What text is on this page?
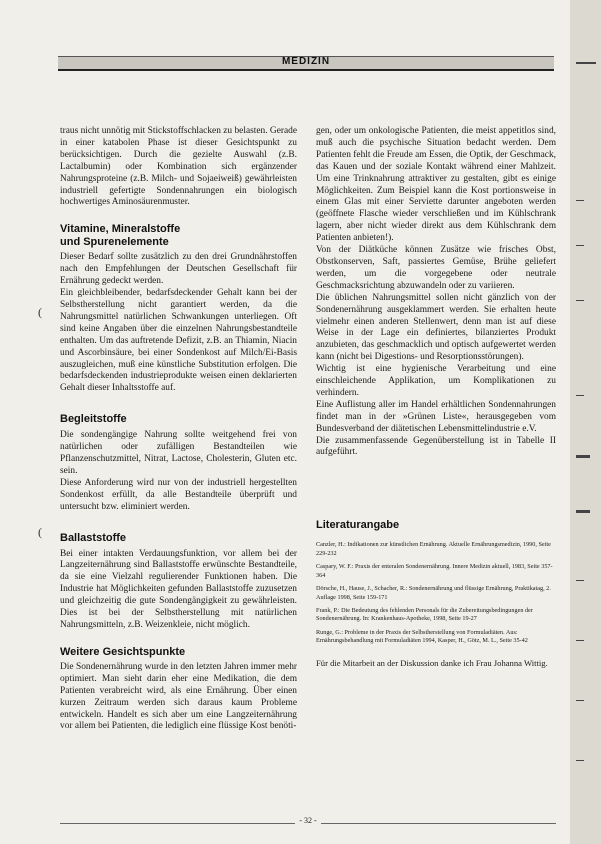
MEDIZIN

traus nicht unnötig mit Stickstoffschlacken zu belasten. Gerade in einer katabolen Phase ist dieser Gesichtspunkt zu berücksichtigen. Durch die gezielte Auswahl (z.B. Lactalbumin) oder Kombination sich ergänzender Nahrungsproteine (z.B. Milch- und Sojaeiweiß) gewährleisten industriell gefertigte Sondennahrungen ein biologisch hochwertiges Aminosäurenmuster.

Vitamine, Mineralstoffe
und Spurenelemente

Dieser Bedarf sollte zusätzlich zu den drei Grundnährstoffen nach den Empfehlungen der Deutschen Gesellschaft für Ernährung gedeckt werden.

Ein gleichbleibender, bedarfsdeckender Gehalt kann bei der Selbstherstellung nicht garantiert werden, da die Nahrungsmittel natürlichen Schwankungen unterliegen. Oft sind keine Angaben über die einzelnen Nahrungsbestandteile enthalten. Um das auftretende Defizit, z.B. an Thiamin, Niacin und Ascorbinsäure, bei einer Sondenkost auf Milch/Ei-Basis auszugleichen, muß eine künstliche Substitution erfolgen. Die bedarfsdeckenden industrieprodukte weisen einen deklarierten Gehalt dieser Inhaltsstoffe auf.

Begleitstoffe

Die sondengängige Nahrung sollte weitgehend frei von natürlichen oder zufälligen Bestandteilen wie Pflanzenschutzmittel, Nitrat, Lactose, Cholesterin, Gluten etc. sein.

Diese Anforderung wird nur von der industriell hergestellten Sondenkost erfüllt, da alle Bestandteile überprüft und untersucht bzw. eliminiert werden.

Ballaststoffe

Bei einer intakten Verdauungsfunktion, vor allem bei der Langzeiternährung sind Ballaststoffe erwünschte Bestandteile, da sie eine Vielzahl regulierender Funktionen haben. Die Industrie hat Möglichkeiten gefunden Ballaststoffe zuzusetzen und gleichzeitig die gute Sondengängigkeit zu gewährleisten. Dies ist bei der Selbstherstellung mit natürlichen Nahrungsmitteln, z.B. Weizenkleie, nicht möglich.

Weitere Gesichtspunkte

Die Sondenernährung wurde in den letzten Jahren immer mehr optimiert. Man sieht darin eher eine Medikation, die dem Patienten verabreicht wird, als eine Ernährung. Über einen kurzen Zeitraum werden sich daraus kaum Probleme entwickeln. Handelt es sich aber um eine Langzeiternährung vor allem bei Patienten, die lediglich eine flüssige Kost benöti-

gen, oder um onkologische Patienten, die meist appetitlos sind, muß auch die psychische Situation bedacht werden. Dem Patienten fehlt die Freude am Essen, die Optik, der Geschmack, das Kauen und der soziale Kontakt während einer Mahlzeit. Um eine Trinknahrung attraktiver zu gestalten, gibt es einige Möglichkeiten. Zum Beispiel kann die Kost portionsweise in einem Glas mit einer Serviette darunter angeboten werden (geöffnete Flasche wieder verschließen und im Kühlschrank lagern, aber nicht wieder direkt aus dem Kühlschrank dem Patienten anbieten!).

Von der Diätküche können Zusätze wie frisches Obst, Obstkonserven, Saft, passiertes Gemüse, Brühe geliefert werden, um die vorgegebene oder neutrale Geschmacksrichtung abzuwandeln oder zu variieren.

Die üblichen Nahrungsmittel sollen nicht gänzlich von der Sondenernährung ausgeklammert werden. Sie erhalten heute vielmehr einen anderen Stellenwert, denn man ist auf diese Weise in der Lage ein definiertes, bilanziertes Produkt anzubieten, das geschmacklich und optisch aufgewertet werden kann (nicht bei Digestions- und Resorptionsstörungen).

Wichtig ist eine hygienische Verarbeitung und eine einschleichende Applikation, um Komplikationen zu verhindern.

Eine Auflistung aller im Handel erhältlichen Sondennahrungen findet man in der »Grünen Liste«, herausgegeben vom Bundesverband der diätetischen Lebensmittelindustrie e.V.

Die zusammenfassende Gegenüberstellung ist in Tabelle II aufgeführt.

Literaturangabe

Canzler, H.: Indikationen zur künstlichen Ernährung. Aktuelle Ernährungsmedizin, 1990, Seite 229-232

Caspary, W. F.: Praxis der enteralen Sondenernährung. Innere Medizin aktuell, 1983, Seite 357-364

Dörsche, H., Hause, J., Schacher, R.: Sondenernährung und flüssige Ernährung, Praktikatag, 2. Auflage 1998, Seite 159-171

Frank, P.: Die Bedeutung des fehlenden Personals für die Zubereitungsbedingungen der Sondenernährung. In: Krankenhaus-Apotheke, 1998, Seite 19-27

Runge, G.: Probleme in der Praxis der Selbstherstellung von Formuladiäten. Aus: Ernährungsbehandlung mit Formuladiäten 1994, Kasper, H., Götz, M. L., Seite 35-42

Für die Mitarbeit an der Diskussion danke ich Frau Johanna Wittig.

(
(
- 32 -
